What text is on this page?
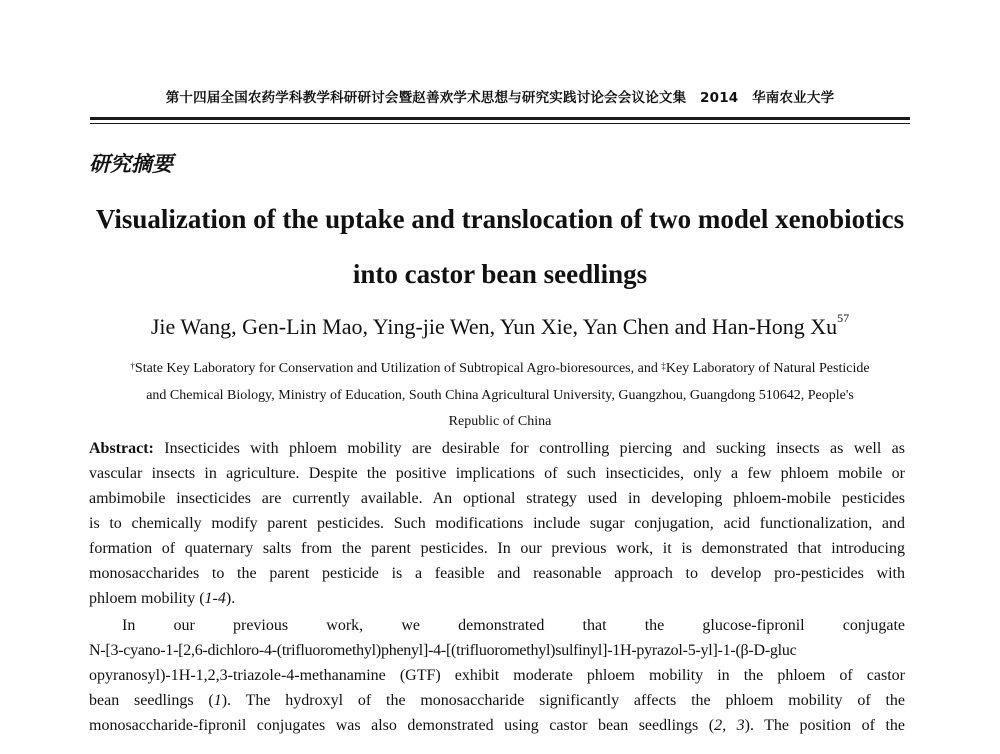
第十四届全国农药学科教学科研研讨会暨赵善欢学术思想与研究实践讨论会会议论文集　2014　华南农业大学
研究摘要
Visualization of the uptake and translocation of two model xenobiotics
into castor bean seedlings
Jie Wang, Gen-Lin Mao, Ying-jie Wen, Yun Xie, Yan Chen and Han-Hong Xu$^{57}$
†State Key Laboratory for Conservation and Utilization of Subtropical Agro-bioresources, and ‡Key Laboratory of Natural Pesticide
and Chemical Biology, Ministry of Education, South China Agricultural University, Guangzhou, Guangdong 510642, People's
Republic of China
Abstract: Insecticides with phloem mobility are desirable for controlling piercing and sucking insects as well as
vascular insects in agriculture. Despite the positive implications of such insecticides, only a few phloem mobile or
ambimobile insecticides are currently available. An optional strategy used in developing phloem-mobile pesticides
is to chemically modify parent pesticides. Such modifications include sugar conjugation, acid functionalization, and
formation of quaternary salts from the parent pesticides. In our previous work, it is demonstrated that introducing
monosaccharides to the parent pesticide is a feasible and reasonable approach to develop pro-pesticides with
phloem mobility (1-4).
In our previous work, we demonstrated that the glucose-fipronil conjugate
N-[3-cyano-1-[2,6-dichloro-4-(trifluoromethyl)phenyl]-4-[(trifluoromethyl)sulfinyl]-1H-pyrazol-5-yl]-1-(β-D-gluc
opyranosyl)-1H-1,2,3-triazole-4-methanamine (GTF) exhibit moderate phloem mobility in the phloem of castor
bean seedlings (1). The hydroxyl of the monosaccharide significantly affects the phloem mobility of the
monosaccharide-fipronil conjugates was also demonstrated using castor bean seedlings (2, 3). The position of the
